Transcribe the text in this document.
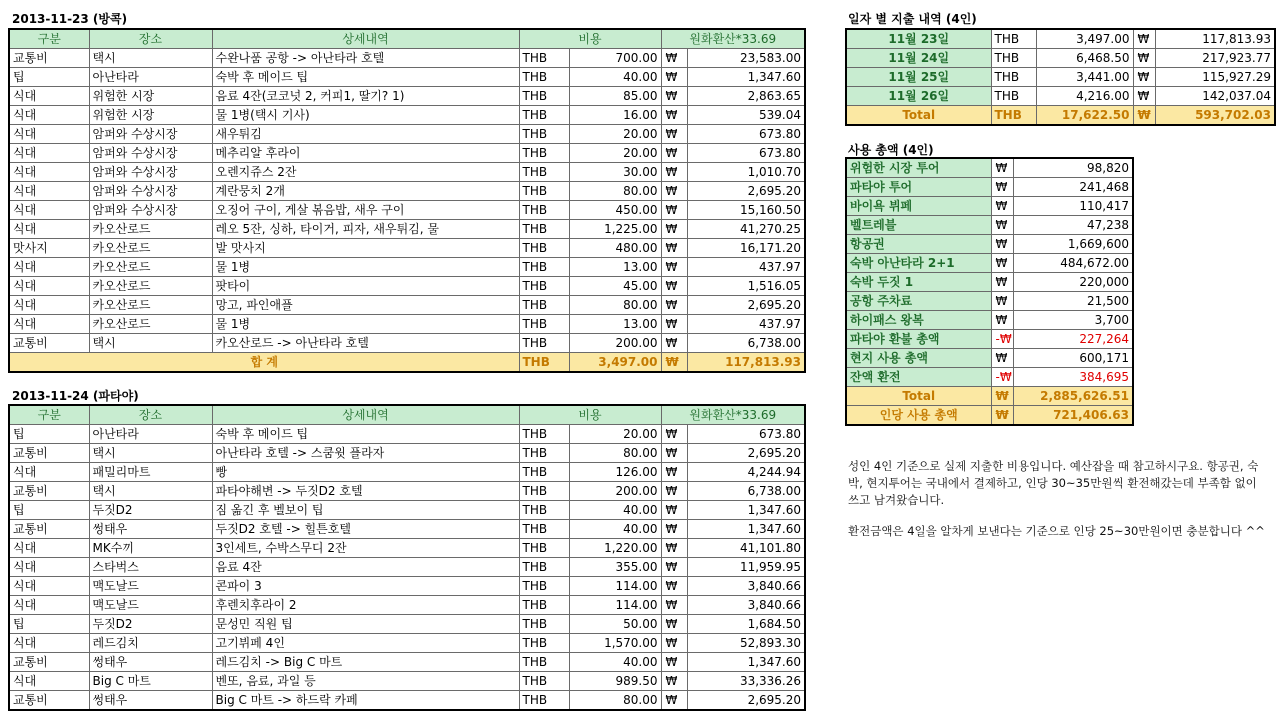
2013-11-23 (방콕)
구분	장소	상세내역	비용		원화환산*33.69	
교통비	택시	수완나품 공항 -> 아난타라 호텔	THB	700.00	₩	23,583.00
팁	아난타라	숙박 후 메이드 팁	THB	40.00	₩	1,347.60
식대	위험한 시장	음료 4잔(코코넛 2, 커피1, 딸기? 1)	THB	85.00	₩	2,863.65
식대	위험한 시장	물 1병(택시 기사)	THB	16.00	₩	539.04
식대	암퍼와 수상시장	새우튀김	THB	20.00	₩	673.80
식대	암퍼와 수상시장	메추리알 후라이	THB	20.00	₩	673.80
식대	암퍼와 수상시장	오렌지쥬스 2잔	THB	30.00	₩	1,010.70
식대	암퍼와 수상시장	계란뭉치 2개	THB	80.00	₩	2,695.20
식대	암퍼와 수상시장	오징어 구이, 게살 볶음밥, 새우 구이	THB	450.00	₩	15,160.50
식대	카오산로드	레오 5잔, 싱하, 타이거, 피자, 새우튀김, 물	THB	1,225.00	₩	41,270.25
맛사지	카오산로드	발 맛사지	THB	480.00	₩	16,171.20
식대	카오산로드	물 1병	THB	13.00	₩	437.97
식대	카오산로드	팟타이	THB	45.00	₩	1,516.05
식대	카오산로드	망고, 파인애플	THB	80.00	₩	2,695.20
식대	카오산로드	물 1병	THB	13.00	₩	437.97
교통비	택시	카오산로드 -> 아난타라 호텔	THB	200.00	₩	6,738.00
합 계			THB	3,497.00	₩	117,813.93
2013-11-24 (파타야)
구분	장소	상세내역	비용		원화환산*33.69	
팁	아난타라	숙박 후 메이드 팁	THB	20.00	₩	673.80
교통비	택시	아난타라 호텔 -> 스쿰윗 플라자	THB	80.00	₩	2,695.20
식대	패밀리마트	빵	THB	126.00	₩	4,244.94
교통비	택시	파타야해변 -> 두짓D2 호텔	THB	200.00	₩	6,738.00
팁	두짓D2	짐 옮긴 후 벨보이 팁	THB	40.00	₩	1,347.60
교통비	썽태우	두짓D2 호텔 -> 힐튼호텔	THB	40.00	₩	1,347.60
식대	MK수끼	3인세트, 수박스무디 2잔	THB	1,220.00	₩	41,101.80
식대	스타벅스	음료 4잔	THB	355.00	₩	11,959.95
식대	맥도날드	콘파이 3	THB	114.00	₩	3,840.66
식대	맥도날드	후렌치후라이 2	THB	114.00	₩	3,840.66
팁	두짓D2	문성민 직원 팁	THB	50.00	₩	1,684.50
식대	레드김치	고기뷔페 4인	THB	1,570.00	₩	52,893.30
교통비	썽태우	레드김치 -> Big C 마트	THB	40.00	₩	1,347.60
식대	Big C 마트	벤또, 음료, 과일 등	THB	989.50	₩	33,336.26
교통비	썽태우	Big C 마트 -> 하드락 카페	THB	80.00	₩	2,695.20
일자 별 지출 내역 (4인)
11월 23일	THB	3,497.00	₩	117,813.93
11월 24일	THB	6,468.50	₩	217,923.77
11월 25일	THB	3,441.00	₩	115,927.29
11월 26일	THB	4,216.00	₩	142,037.04
Total	THB	17,622.50	₩	593,702.03
사용 총액 (4인)
위험한 시장 투어	₩	98,820
파타야 투어	₩	241,468
바이욕 뷔페	₩	110,417
벨트레블	₩	47,238
항공권	₩	1,669,600
숙박 아난타라 2+1	₩	484,672.00
숙박 두짓 1	₩	220,000
공항 주차료	₩	21,500
하이패스 왕복	₩	3,700
파타야 환불 총액	-₩	227,264
현지 사용 총액	₩	600,171
잔액 환전	-₩	384,695
Total	₩	2,885,626.51
인당 사용 총액	₩	721,406.63

성인 4인 기준으로 실제 지출한 비용입니다. 예산잡을 때 참고하시구요. 항공권, 숙박, 현지투어는 국내에서 결제하고, 인당 30~35만원씩 환전해갔는데 부족함 없이 쓰고 남겨왔습니다.

환전금액은 4일을 알차게 보낸다는 기준으로 인당 25~30만원이면 충분합니다 ^^
